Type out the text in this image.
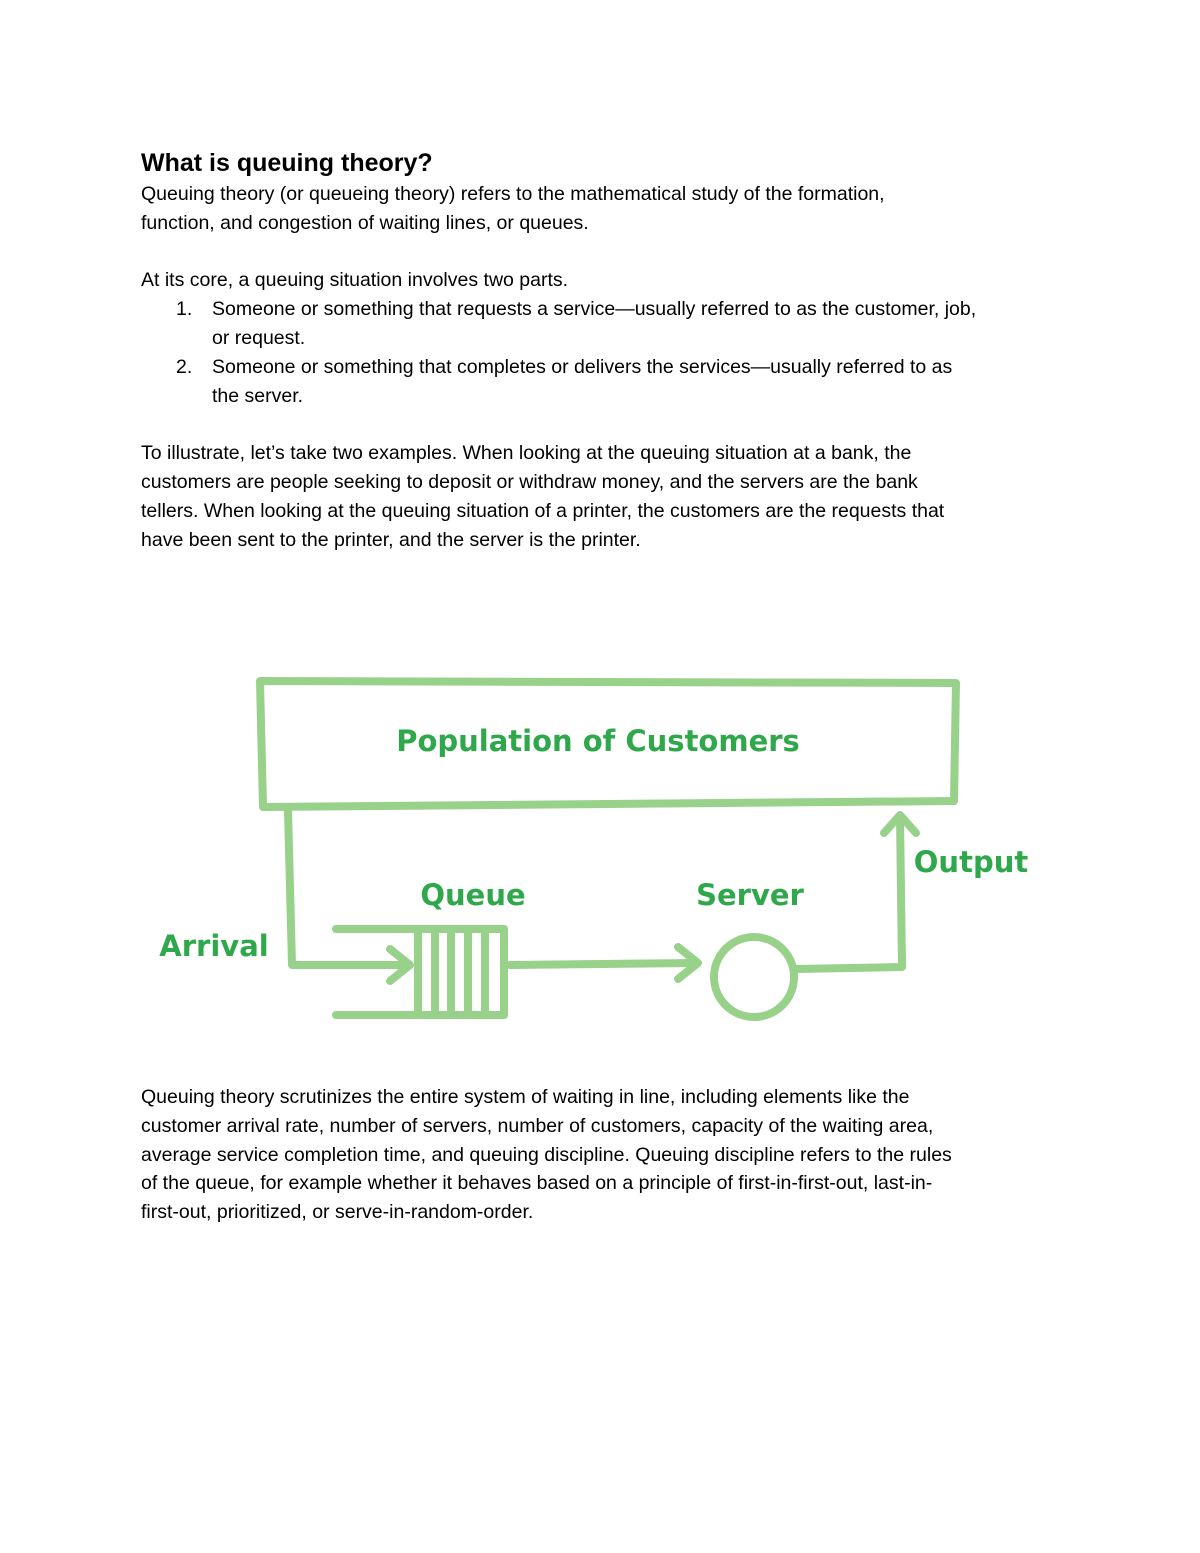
What is queuing theory?

Queuing theory (or queueing theory) refers to the mathematical study of the formation,

function, and congestion of waiting lines, or queues.

At its core, a queuing situation involves two parts.

1. Someone or something that requests a service—usually referred to as the customer, job,
or request.
2. Someone or something that completes or delivers the services—usually referred to as
the server.

To illustrate, let’s take two examples. When looking at the queuing situation at a bank, the

customers are people seeking to deposit or withdraw money, and the servers are the bank

tellers. When looking at the queuing situation of a printer, the customers are the requests that

have been sent to the printer, and the server is the printer.

Population of Customers
Queue	Server
Arrival
Output

Queuing theory scrutinizes the entire system of waiting in line, including elements like the

customer arrival rate, number of servers, number of customers, capacity of the waiting area,

average service completion time, and queuing discipline. Queuing discipline refers to the rules

of the queue, for example whether it behaves based on a principle of first-in-first-out, last-in-

first-out, prioritized, or serve-in-random-order.
